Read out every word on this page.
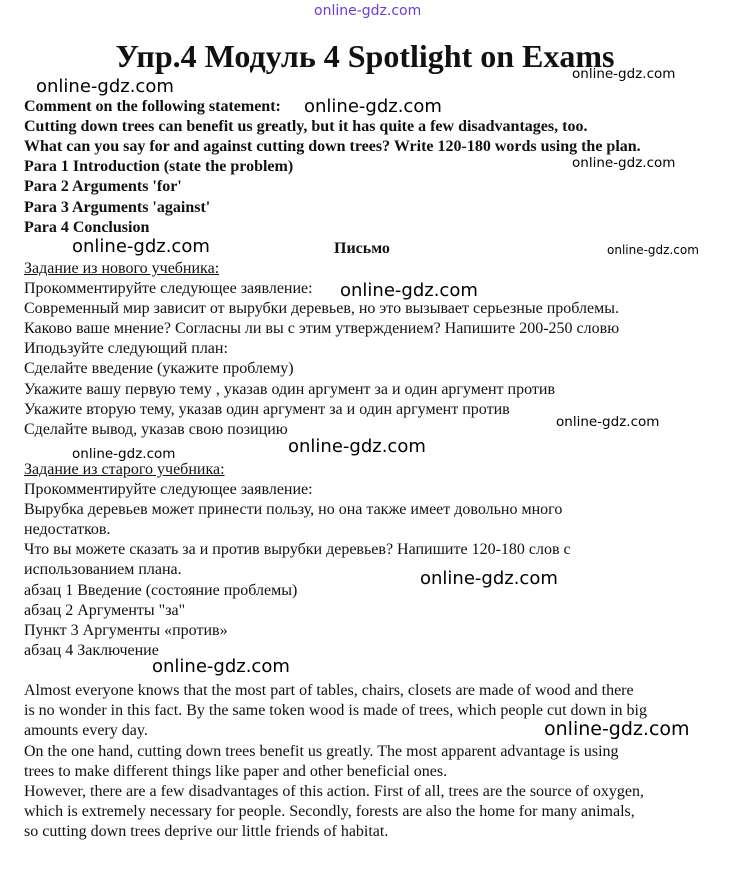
online-gdz.com
Упр.4 Модуль 4 Spotlight on Exams
Comment on the following statement:
Cutting down trees can benefit us greatly, but it has quite a few disadvantages, too.
What can you say for and against cutting down trees? Write 120-180 words using the plan.
Para 1 Introduction (state the problem)
Para 2 Arguments 'for'
Para 3 Arguments 'against'
Para 4 Conclusion
Письмо
Задание из нового учебника:
Прокомментируйте следующее заявление:
Современный мир зависит от вырубки деревьев, но это вызывает серьезные проблемы.
Каково ваше мнение? Согласны ли вы с этим утверждением? Напишите 200-250 словю
Иподьзуйте следующий план:
Сделайте введение (укажите проблему)
Укажите вашу первую тему , указав один аргумент за и один аргумент против
Укажите вторую тему, указав один аргумент за и один аргумент против
Сделайте вывод, указав свою позицию
Задание из старого учебника:
Прокомментируйте следующее заявление:
Вырубка деревьев может принести пользу, но она также имеет довольно много
недостатков.
Что вы можете сказать за и против вырубки деревьев? Напишите 120-180 слов с
использованием плана.
абзац 1 Введение (состояние проблемы)
абзац 2 Аргументы "за"
Пункт 3 Аргументы «против»
абзац 4 Заключение
Almost everyone knows that the most part of tables, chairs, closets are made of wood and there
is no wonder in this fact. By the same token wood is made of trees, which people cut down in big
amounts every day.
On the one hand, cutting down trees benefit us greatly. The most apparent advantage is using
trees to make different things like paper and other beneficial ones.
However, there are a few disadvantages of this action. First of all, trees are the source of oxygen,
which is extremely necessary for people. Secondly, forests are also the home for many animals,
so cutting down trees deprive our little friends of habitat.
online-gdz.com
online-gdz.com
online-gdz.com
online-gdz.com
online-gdz.com	online-gdz.com
online-gdz.com
online-gdz.com
online-gdz.com
online-gdz.com
online-gdz.com
online-gdz.com
online-gdz.com
